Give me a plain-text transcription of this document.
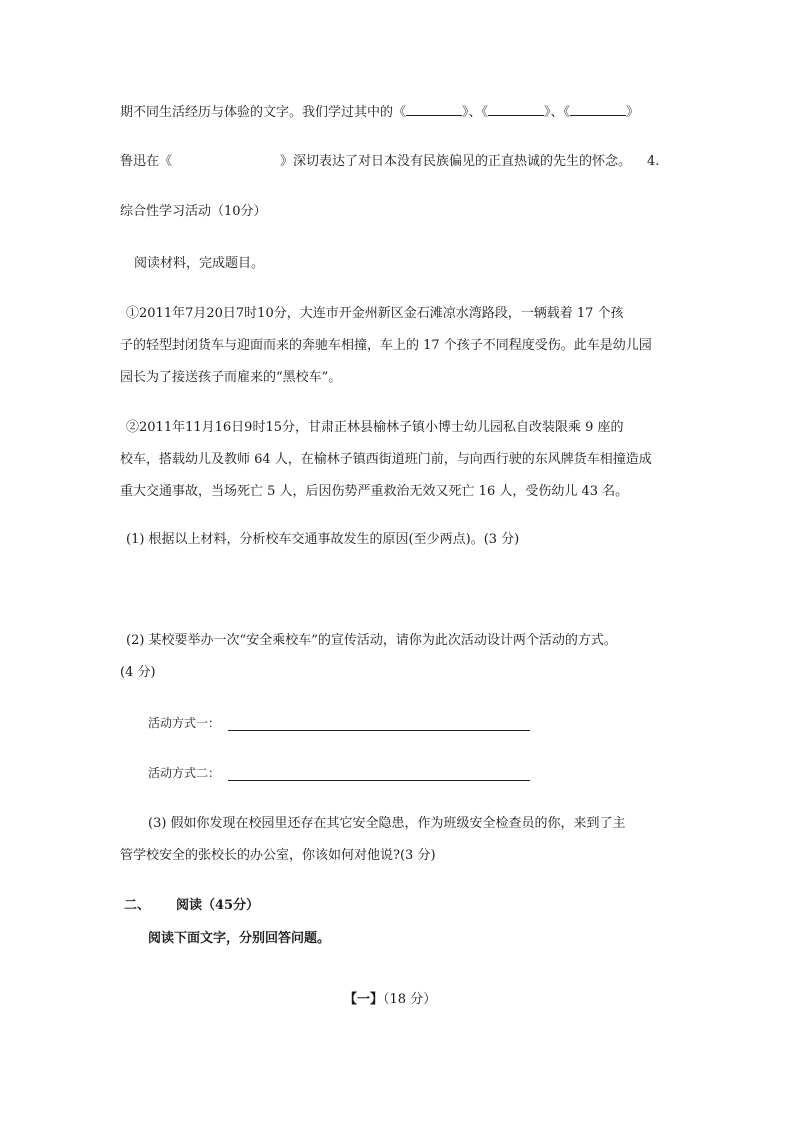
期不同生活经历与体验的文字。我们学过其中的《	》、《	》、《	》
鲁迅在《	》深切表达了对日本没有民族偏见的正直热诚的先生的怀念。 4.
综合性学习活动（10分）
阅读材料，完成题目。
①2011年7月20日7时10分，大连市开金州新区金石滩凉水湾路段，一辆载着 17 个孩
子的轻型封闭货车与迎面而来的奔驰车相撞，车上的 17 个孩子不同程度受伤。此车是幼儿园
园长为了接送孩子而雇来的“黑校车”。
②2011年11月16日9时15分，甘肃正林县榆林子镇小博士幼儿园私自改装限乘 9 座的
校车，搭载幼儿及教师 64 人，在榆林子镇西街道班门前，与向西行驶的东风牌货车相撞造成
重大交通事故，当场死亡 5 人，后因伤势严重救治无效又死亡 16 人，受伤幼儿 43 名。
(1) 根据以上材料，分析校车交通事故发生的原因(至少两点)。(3 分)
(2) 某校要举办一次“安全乘校车”的宣传活动，请你为此次活动设计两个活动的方式。
(4 分)
活动方式一：
活动方式二：
(3) 假如你发现在校园里还存在其它安全隐患，作为班级安全检查员的你，来到了主
管学校安全的张校长的办公室，你该如何对他说?(3 分)
二、 阅读（45分）
阅读下面文字，分别回答问题。
【一】（18 分）
